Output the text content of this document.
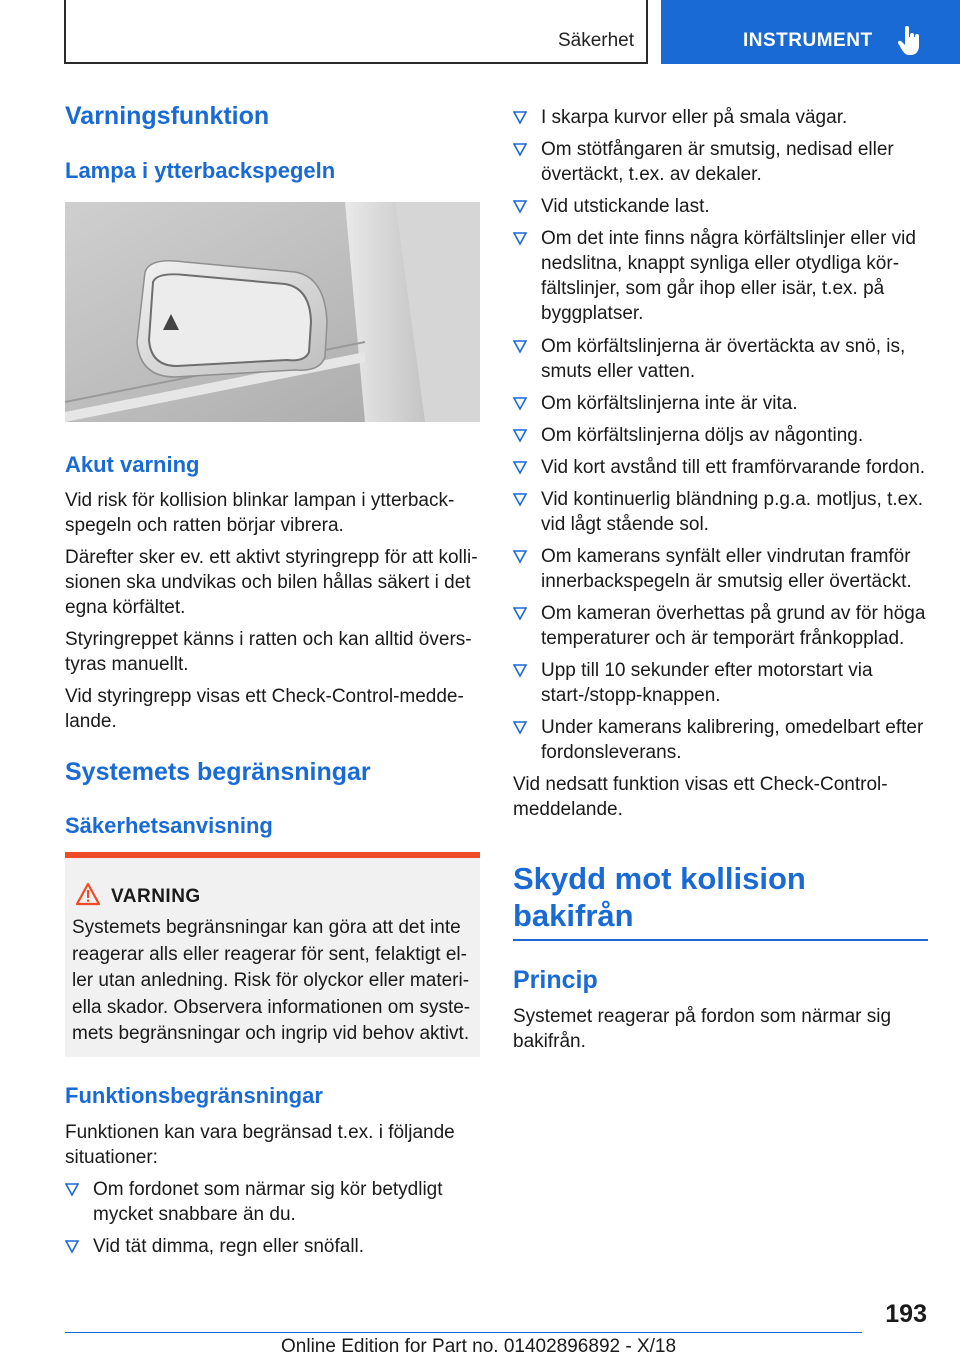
Säkerhet	INSTRUMENT
Varningsfunktion
Lampa i ytterbackspegeln
Akut varning

Vid risk för kollision blinkar lampan i ytterbackspegeln och ratten börjar vibrera.

Därefter sker ev. ett aktivt styringrepp för att kollisionen ska undvikas och bilen hållas säkert i det egna körfältet.

Styringreppet känns i ratten och kan alltid överstyras manuellt.

Vid styringrepp visas ett Check-Control-meddelande.

Systemets begränsningar
Säkerhetsanvisning
Funktionsbegränsningar

Funktionen kan vara begränsad t.ex. i följande situationer:

Om fordonet som närmar sig kör betydligt mycket snabbare än du.
Vid tät dimma, regn eller snöfall.
VARNING
Systemets begränsningar kan göra att det inte reagerar alls eller reagerar för sent, felaktigt eller utan anledning. Risk för olyckor eller materiella skador. Observera informationen om systemets begränsningar och ingrip vid behov aktivt.
I skarpa kurvor eller på smala vägar.
Om stötfångaren är smutsig, nedisad eller övertäckt, t.ex. av dekaler.
Vid utstickande last.
Om det inte finns några körfältslinjer eller vid nedslitna, knappt synliga eller otydliga körfältslinjer, som går ihop eller isär, t.ex. på byggplatser.
Om körfältslinjerna är övertäckta av snö, is, smuts eller vatten.
Om körfältslinjerna inte är vita.
Om körfältslinjerna döljs av någonting.
Vid kort avstånd till ett framförvarande fordon.
Vid kontinuerlig bländning p.g.a. motljus, t.ex. vid lågt stående sol.
Om kamerans synfält eller vindrutan framför innerbackspegeln är smutsig eller övertäckt.
Om kameran överhettas på grund av för höga temperaturer och är temporärt frånkopplad.
Upp till 10 sekunder efter motorstart via start-/stopp-knappen.
Under kamerans kalibrering, omedelbart efter fordonsleverans.

Vid nedsatt funktion visas ett Check-Control-meddelande.

Skydd mot kollision
bakifrån
Princip

Systemet reagerar på fordon som närmar sig bakifrån.

193
Online Edition for Part no. 01402896892 - X/18
